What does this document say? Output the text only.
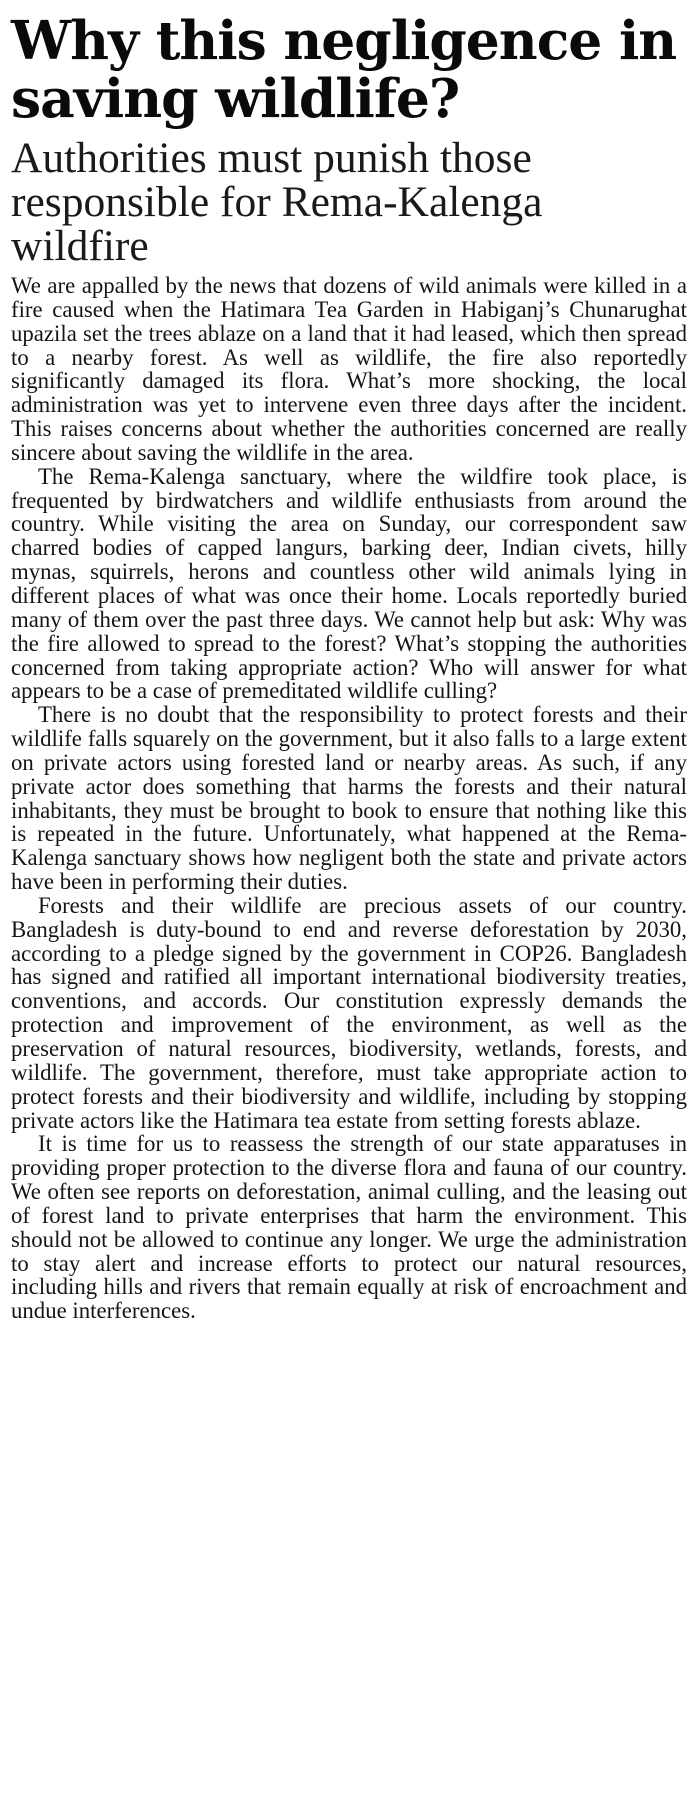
Why this negligence in saving wildlife?
Authorities must punish those responsible for Rema-Kalenga wildfire

We are appalled by the news that dozens of wild animals were killed in a fire caused when the Hatimara Tea Garden in Habiganj’s Chunarughat upazila set the trees ablaze on a land that it had leased, which then spread to a nearby forest. As well as wildlife, the fire also reportedly significantly damaged its flora. What’s more shocking, the local administration was yet to intervene even three days after the incident. This raises concerns about whether the authorities concerned are really sincere about saving the wildlife in the area.

The Rema-Kalenga sanctuary, where the wildfire took place, is frequented by birdwatchers and wildlife enthusiasts from around the country. While visiting the area on Sunday, our correspondent saw charred bodies of capped langurs, barking deer, Indian civets, hilly mynas, squirrels, herons and countless other wild animals lying in different places of what was once their home. Locals reportedly buried many of them over the past three days. We cannot help but ask: Why was the fire allowed to spread to the forest? What’s stopping the authorities concerned from taking appropriate action? Who will answer for what appears to be a case of premeditated wildlife culling?

There is no doubt that the responsibility to protect forests and their wildlife falls squarely on the government, but it also falls to a large extent on private actors using forested land or nearby areas. As such, if any private actor does something that harms the forests and their natural inhabitants, they must be brought to book to ensure that nothing like this is repeated in the future. Unfortunately, what happened at the Rema-Kalenga sanctuary shows how negligent both the state and private actors have been in performing their duties.

Forests and their wildlife are precious assets of our country. Bangladesh is duty-bound to end and reverse deforestation by 2030, according to a pledge signed by the government in COP26. Bangladesh has signed and ratified all important international biodiversity treaties, conventions, and accords. Our constitution expressly demands the protection and improvement of the environment, as well as the preservation of natural resources, biodiversity, wetlands, forests, and wildlife. The government, therefore, must take appropriate action to protect forests and their biodiversity and wildlife, including by stopping private actors like the Hatimara tea estate from setting forests ablaze.

It is time for us to reassess the strength of our state apparatuses in providing proper protection to the diverse flora and fauna of our country. We often see reports on deforestation, animal culling, and the leasing out of forest land to private enterprises that harm the environment. This should not be allowed to continue any longer. We urge the administration to stay alert and increase efforts to protect our natural resources, including hills and rivers that remain equally at risk of encroachment and undue interferences.
